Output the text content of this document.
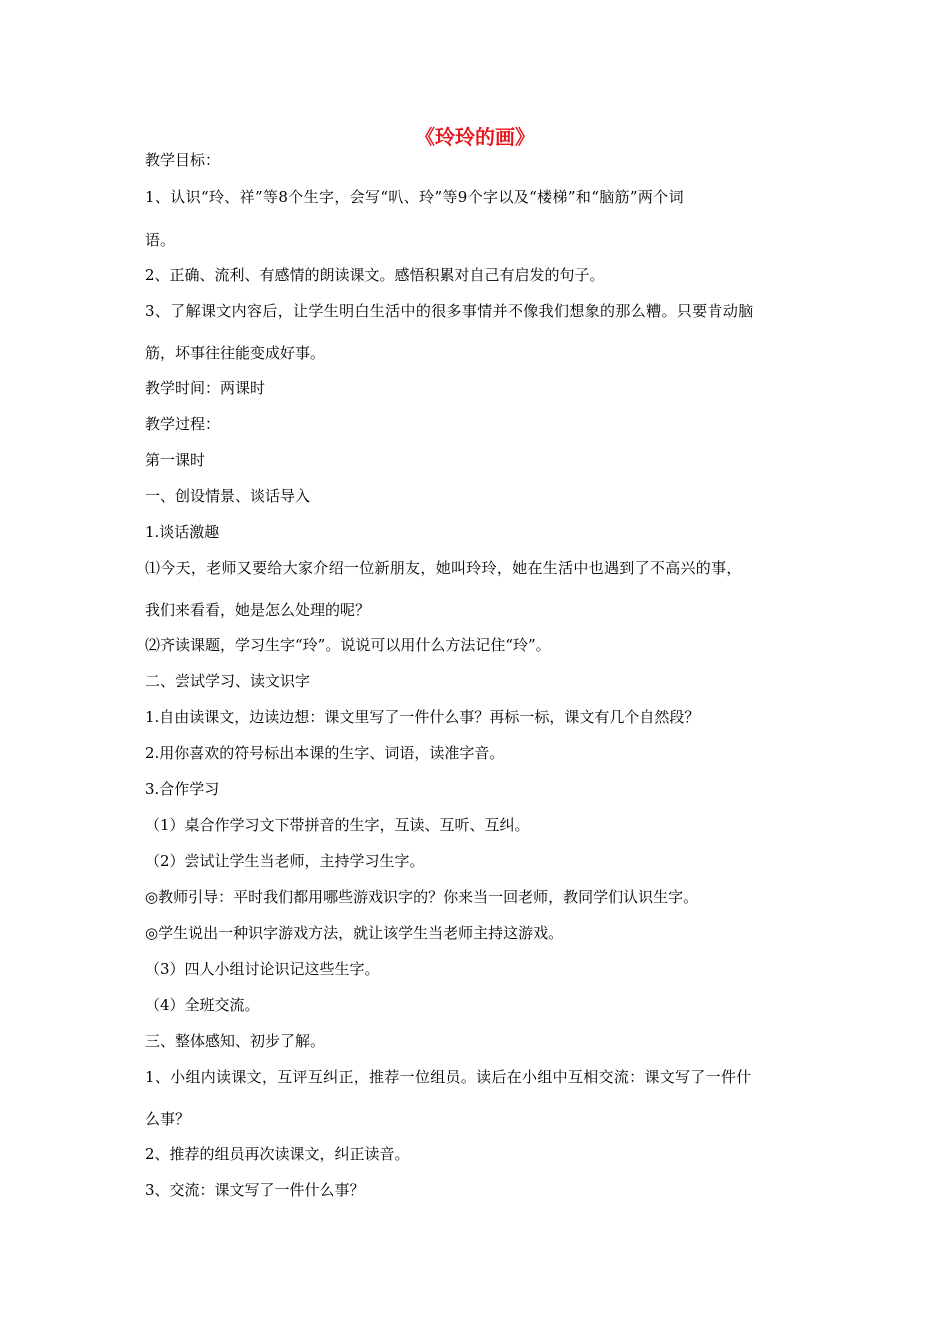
《玲玲的画》

教学目标：

1、认识“玲、祥”等8个生字，会写“叭、玲”等9个字以及“楼梯”和“脑筋”两个词

语。

2、正确、流利、有感情的朗读课文。感悟积累对自己有启发的句子。

3、了解课文内容后，让学生明白生活中的很多事情并不像我们想象的那么糟。只要肯动脑

筋，坏事往往能变成好事。

教学时间：两课时

教学过程：

第一课时

一、创设情景、谈话导入

1.谈话激趣

⑴今天，老师又要给大家介绍一位新朋友，她叫玲玲，她在生活中也遇到了不高兴的事，

我们来看看，她是怎么处理的呢？

⑵齐读课题，学习生字“玲”。说说可以用什么方法记住“玲”。

二、尝试学习、读文识字

1.自由读课文，边读边想：课文里写了一件什么事？再标一标，课文有几个自然段？

2.用你喜欢的符号标出本课的生字、词语，读准字音。

3.合作学习

（1）桌合作学习文下带拼音的生字，互读、互听、互纠。

（2）尝试让学生当老师，主持学习生字。

◎教师引导：平时我们都用哪些游戏识字的？你来当一回老师，教同学们认识生字。

◎学生说出一种识字游戏方法，就让该学生当老师主持这游戏。

（3）四人小组讨论识记这些生字。

（4）全班交流。

三、整体感知、初步了解。

1、小组内读课文，互评互纠正，推荐一位组员。读后在小组中互相交流：课文写了一件什

么事？

2、推荐的组员再次读课文，纠正读音。

3、交流：课文写了一件什么事？
